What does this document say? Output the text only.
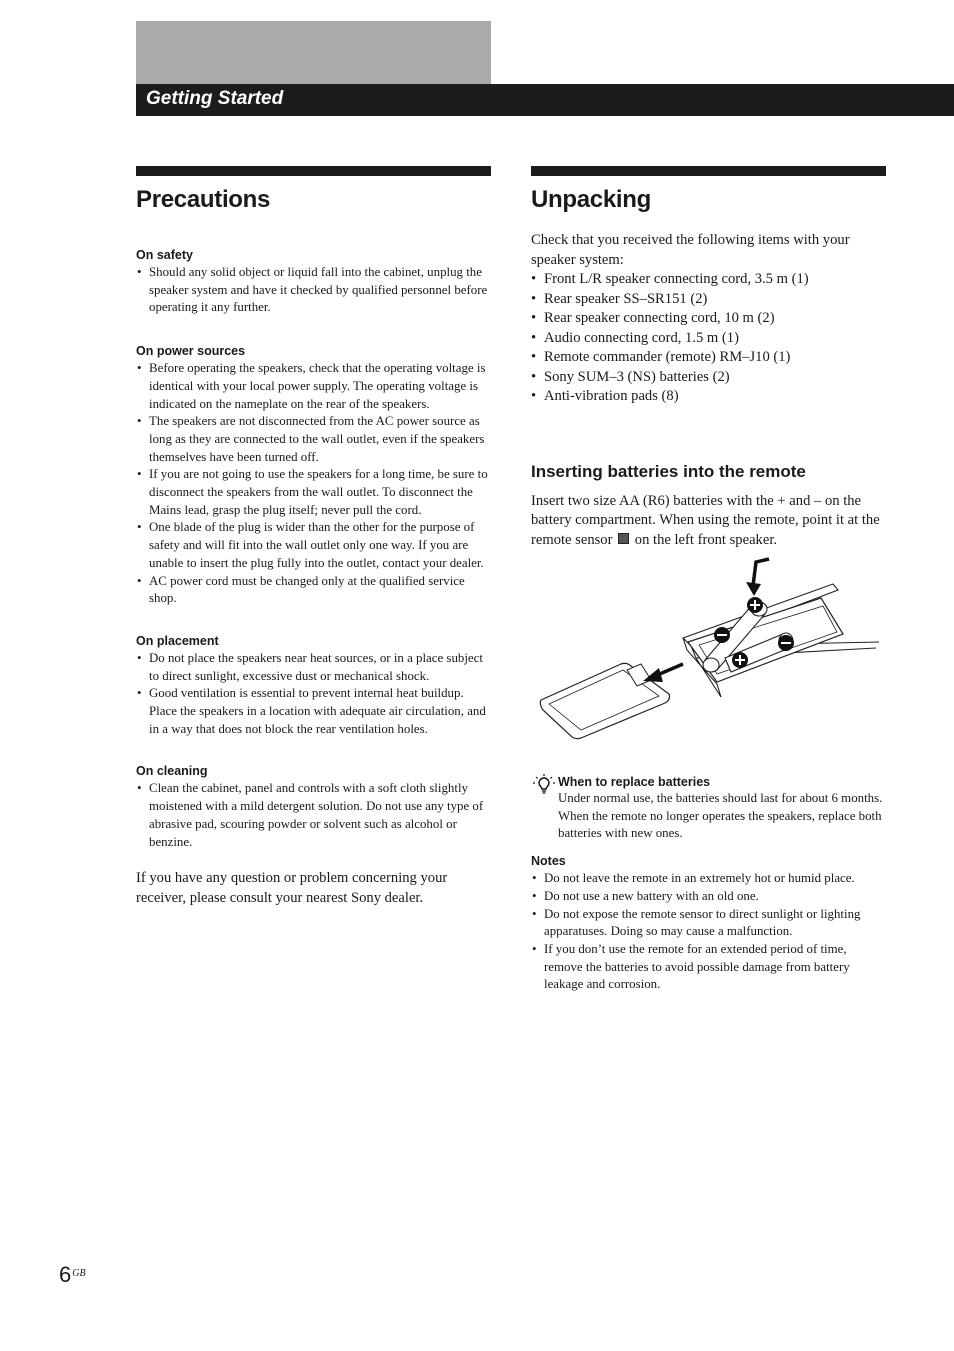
Getting Started
Precautions
On safety
• Should any solid object or liquid fall into the cabinet, unplug the speaker system and have it checked by qualified personnel before operating it any further.
On power sources
• Before operating the speakers, check that the operating voltage is identical with your local power supply. The operating voltage is indicated on the nameplate on the rear of the speakers.
• The speakers are not disconnected from the AC power source as long as they are connected to the wall outlet, even if the speakers themselves have been turned off.
• If you are not going to use the speakers for a long time, be sure to disconnect the speakers from the wall outlet. To disconnect the Mains lead, grasp the plug itself; never pull the cord.
• One blade of the plug is wider than the other for the purpose of safety and will fit into the wall outlet only one way. If you are unable to insert the plug fully into the outlet, contact your dealer.
• AC power cord must be changed only at the qualified service shop.
On placement
• Do not place the speakers near heat sources, or in a place subject to direct sunlight, excessive dust or mechanical shock.
• Good ventilation is essential to prevent internal heat buildup. Place the speakers in a location with adequate air circulation, and in a way that does not block the rear ventilation holes.
On cleaning
• Clean the cabinet, panel and controls with a soft cloth slightly moistened with a mild detergent solution. Do not use any type of abrasive pad, scouring powder or solvent such as alcohol or benzine.

If you have any question or problem concerning your receiver, please consult your nearest Sony dealer.

Unpacking

Check that you received the following items with your speaker system:

• Front L/R speaker connecting cord, 3.5 m (1)
• Rear speaker SS–SR151 (2)
• Rear speaker connecting cord, 10 m (2)
• Audio connecting cord, 1.5 m (1)
• Remote commander (remote) RM–J10 (1)
• Sony SUM–3 (NS) batteries (2)
• Anti-vibration pads (8)
Inserting batteries into the remote

Insert two size AA (R6) batteries with the + and – on the battery compartment. When using the remote, point it at the remote sensor on the left front speaker.

When to replace batteries

Under normal use, the batteries should last for about 6 months. When the remote no longer operates the speakers, replace both batteries with new ones.

Notes
• Do not leave the remote in an extremely hot or humid place.
• Do not use a new battery with an old one.
• Do not expose the remote sensor to direct sunlight or lighting apparatuses. Doing so may cause a malfunction.
• If you don’t use the remote for an extended period of time, remove the batteries to avoid possible damage from battery leakage and corrosion.
$6^{GB}$
